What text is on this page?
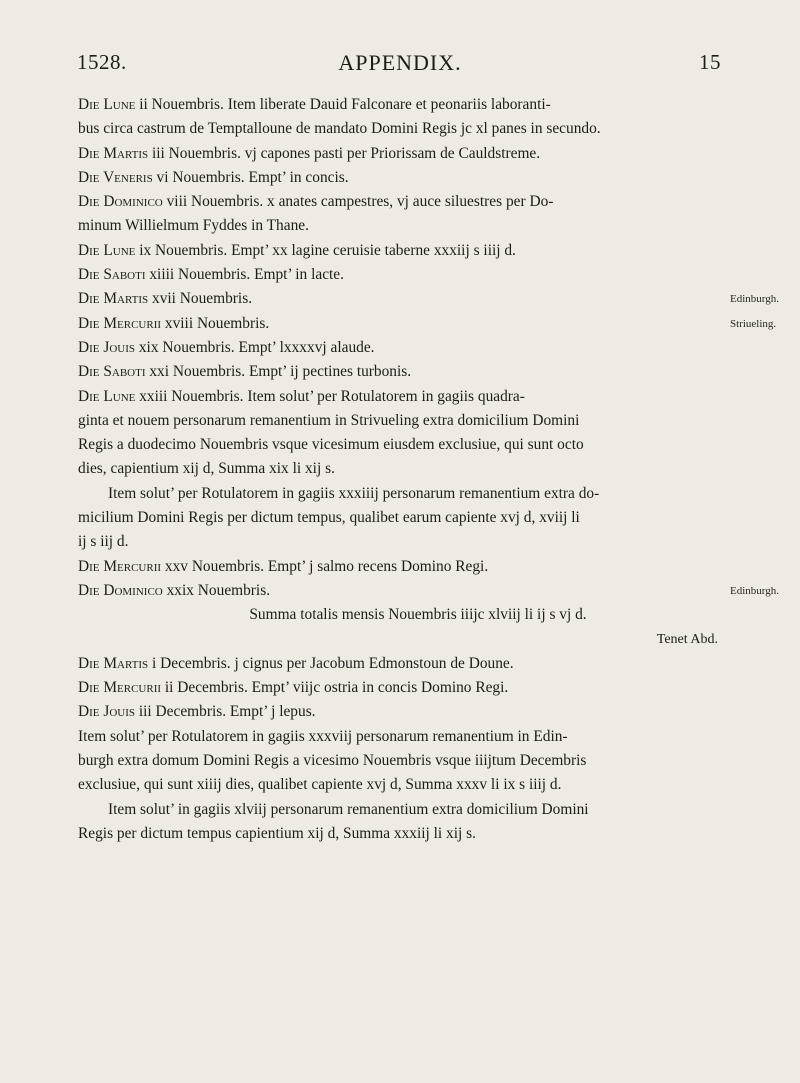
1528.	APPENDIX.	15

Die Lune ii Nouembris. Item liberate Dauid Falconare et peonariis laboranti-

bus circa castrum de Temptalloune de mandato Domini Regis jc xl panes in secundo.

Die Martis iii Nouembris. vj capones pasti per Priorissam de Cauldstreme.

Die Veneris vi Nouembris. Empt’ in concis.

Die Dominico viii Nouembris. x anates campestres, vj auce siluestres per Do-

minum Willielmum Fyddes in Thane.

Die Lune ix Nouembris. Empt’ xx lagine ceruisie taberne xxxiij s iiij d.

Die Saboti xiiii Nouembris. Empt’ in lacte.

Die Martis xvii Nouembris.

Die Mercurii xviii Nouembris.

Die Jouis xix Nouembris. Empt’ lxxxxvj alaude.

Die Saboti xxi Nouembris. Empt’ ij pectines turbonis.

Die Lune xxiii Nouembris. Item solut’ per Rotulatorem in gagiis quadra-

ginta et nouem personarum remanentium in Strivueling extra domicilium Domini

Regis a duodecimo Nouembris vsque vicesimum eiusdem exclusiue, qui sunt octo

dies, capientium xij d, Summa xix li xij s.

Item solut’ per Rotulatorem in gagiis xxxiiij personarum remanentium extra do-

micilium Domini Regis per dictum tempus, qualibet earum capiente xvj d, xviij li

ij s iij d.

Die Mercurii xxv Nouembris. Empt’ j salmo recens Domino Regi.

Die Dominico xxix Nouembris.

Summa totalis mensis Nouembris iiijc xlviij li ij s vj d.

Tenet Abd.

Die Martis i Decembris. j cignus per Jacobum Edmonstoun de Doune.

Die Mercurii ii Decembris. Empt’ viijc ostria in concis Domino Regi.

Die Jouis iii Decembris. Empt’ j lepus.

Item solut’ per Rotulatorem in gagiis xxxviij personarum remanentium in Edin-

burgh extra domum Domini Regis a vicesimo Nouembris vsque iiijtum Decembris

exclusiue, qui sunt xiiij dies, qualibet capiente xvj d, Summa xxxv li ix s iiij d.

Item solut’ in gagiis xlviij personarum remanentium extra domicilium Domini

Regis per dictum tempus capientium xij d, Summa xxxiij li xij s.

Edinburgh.
Striueling.
Edinburgh.
